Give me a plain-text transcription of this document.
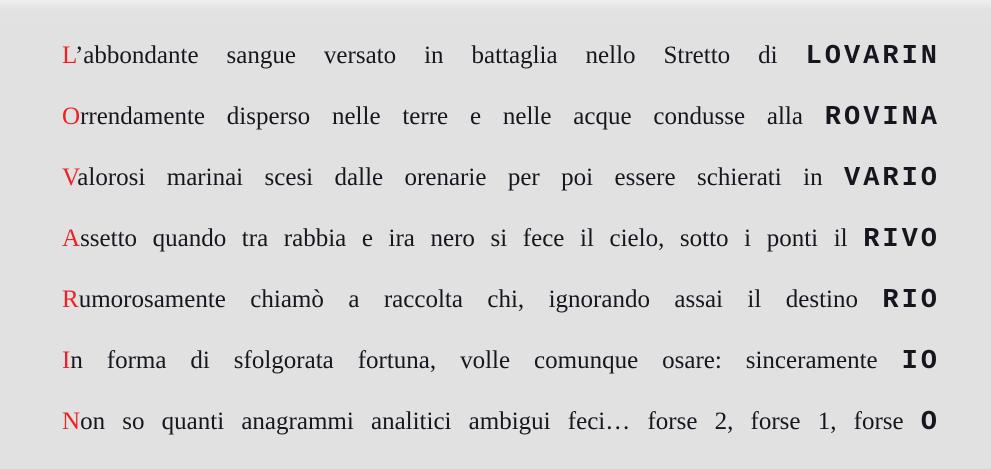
L’abbondante sangue versato in battaglia nello Stretto di LOVARIN

Orrendamente disperso nelle terre e nelle acque condusse alla ROVINA

Valorosi marinai scesi dalle orenarie per poi essere schierati in VARIO

Assetto quando tra rabbia e ira nero si fece il cielo, sotto i ponti il RIVO

Rumorosamente chiamò a raccolta chi, ignorando assai il destino RIO

In forma di sfolgorata fortuna, volle comunque osare: sinceramente IO

Non so quanti anagrammi analitici ambigui feci… forse 2, forse 1, forse O
